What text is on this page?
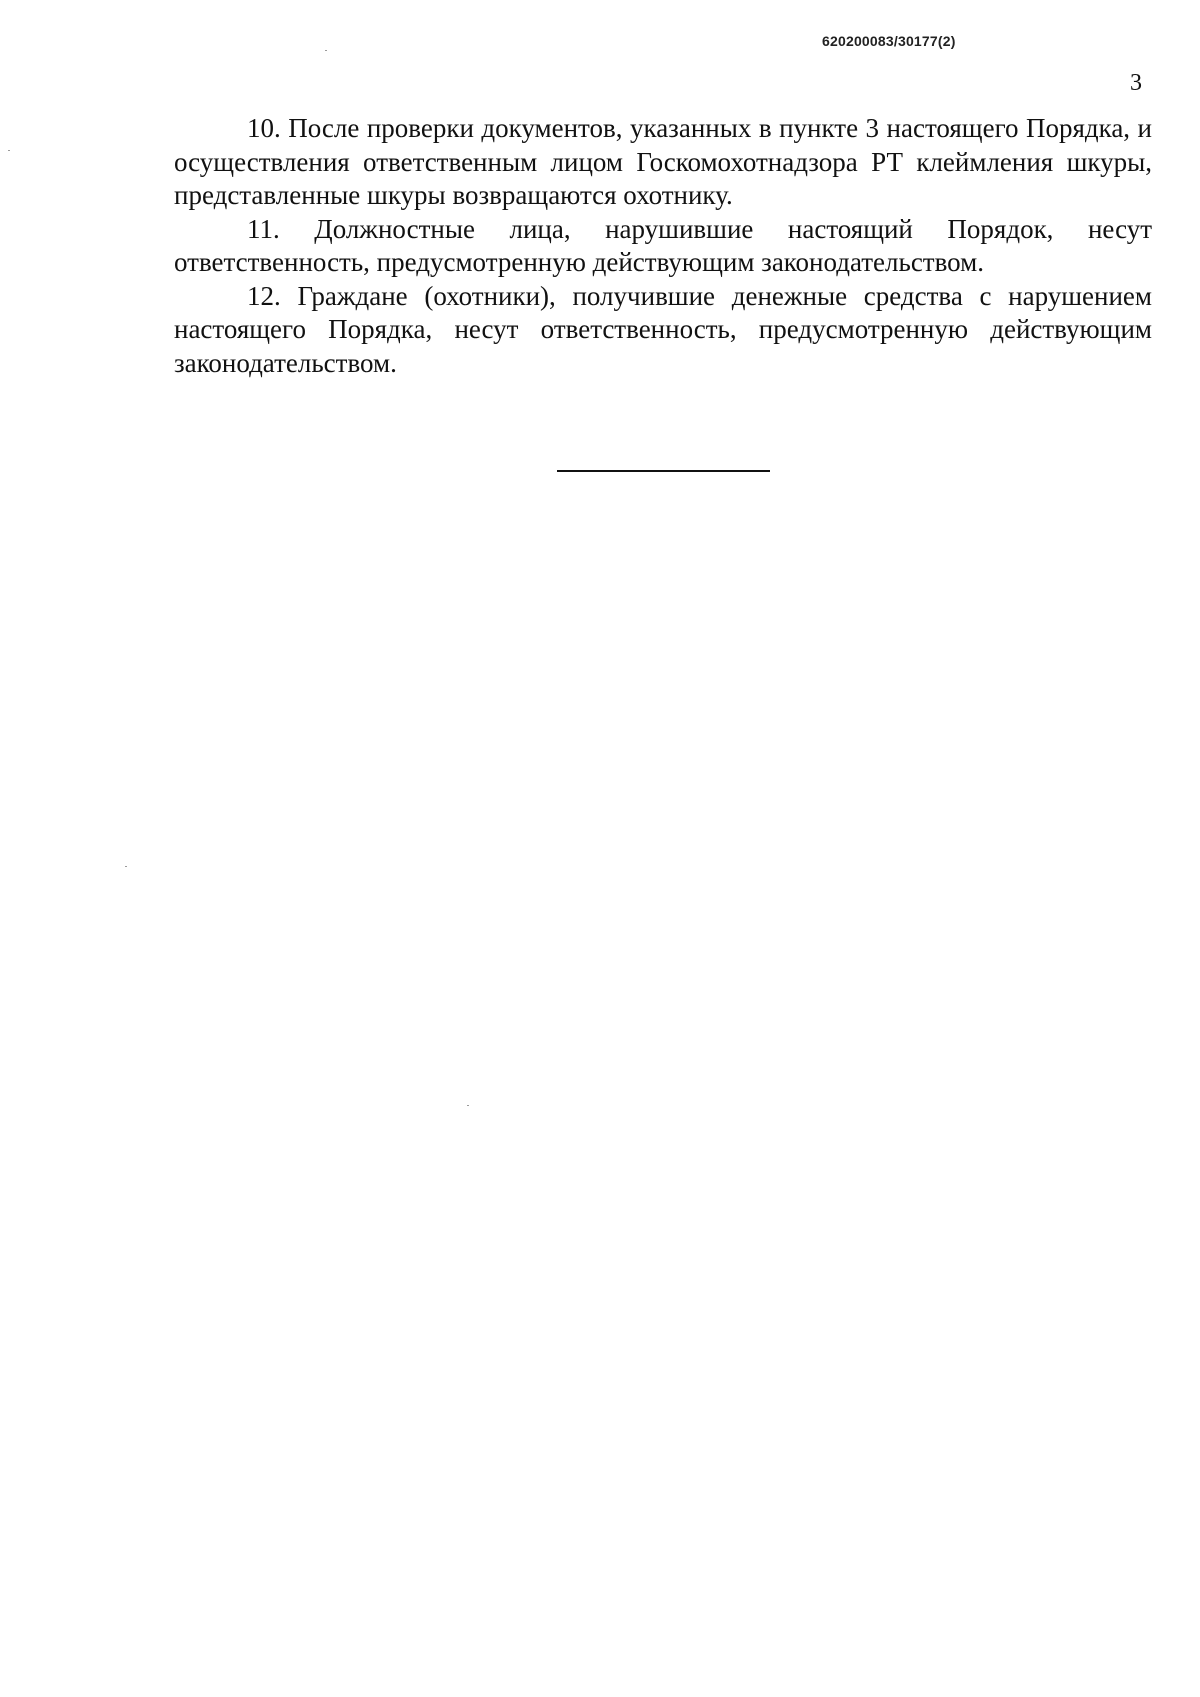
620200083/30177(2)
3

10. После проверки документов, указанных в пункте 3 настоящего Порядка, и осуществления ответственным лицом Госкомохотнадзора РТ клеймления шкуры, представленные шкуры возвращаются охотнику.

11. Должностные лица, нарушившие настоящий Порядок, несут ответственность, предусмотренную действующим законодательством.

12. Граждане (охотники), получившие денежные средства с нарушением настоящего Порядка, несут ответственность, предусмотренную действующим законодательством.
